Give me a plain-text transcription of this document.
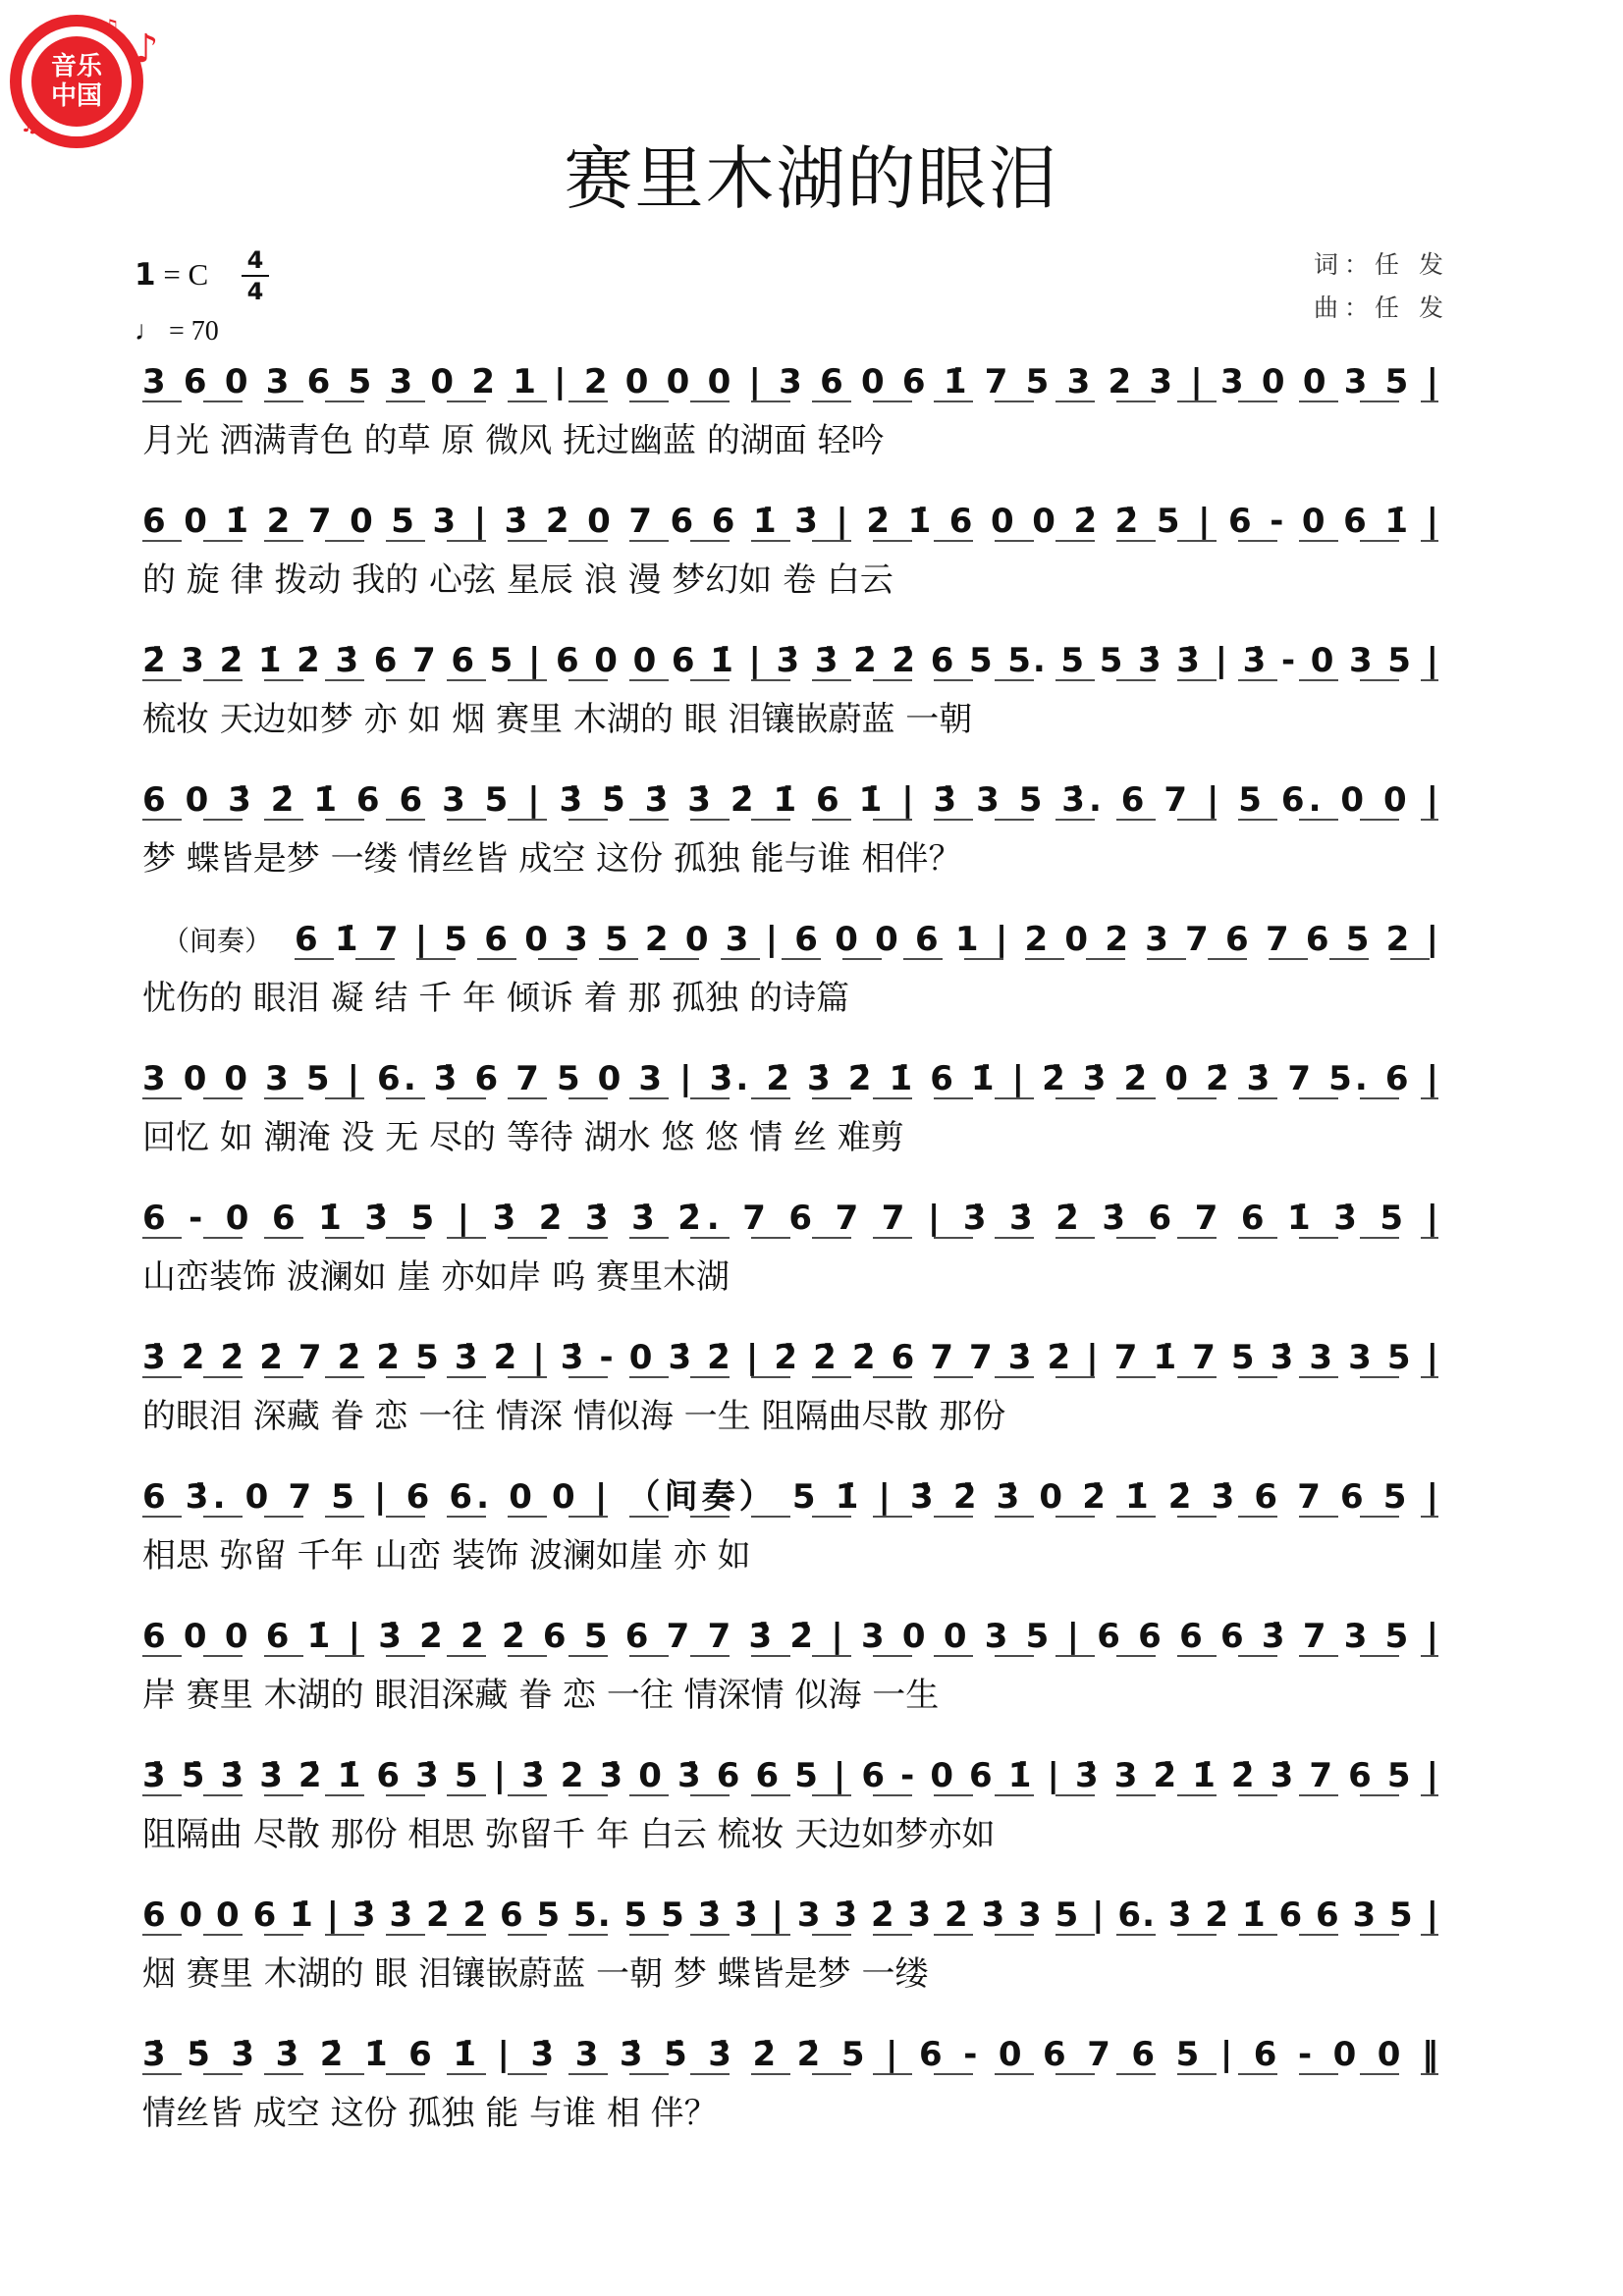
音乐
中国
♪
♫
♫
赛里木湖的眼泪
1 = C 4
4
♩ = 70
词：任 发
曲：任 发
3 6 0 3 6 5 3 0 2 1 | 2 0 0 0 | 3 6 0 6 1̇ 7 5 3 2 3 | 3 0 0 3 5 |
月光 洒满青色 的草 原 微风 抚过幽蓝 的湖面 轻吟
6 0 1̇ 2 7 0 5 3 | 3̇ 2̇ 0 7 6 6 1̇ 3̇ | 2̇ 1̇ 6 0 0 2̇ 2̇ 5 | 6 - 0 6 1̇ |
的 旋 律 拨动 我的 心弦 星辰 浪 漫 梦幻如 卷 白云
2̇ 3 2̇ 1̇ 2̇ 3̇ 6 7 6 5 | 6 0 0 6 1̇ | 3̇ 3̇ 2̇ 2̇ 6 5 5. 5 5 3̇ 3̇ | 3̇ - 0 3 5 |
梳妆 天边如梦 亦 如 烟 赛里 木湖的 眼 泪镶嵌蔚蓝 一朝
6 0 3̇ 2̇ 1̇ 6 6 3 5 | 3̇ 5̇ 3̇ 3̇ 2̇ 1̇ 6 1̇ | 3̇ 3 5 3̇. 6 7 | 5 6. 0 0 |
梦 蝶皆是梦 一缕 情丝皆 成空 这份 孤独 能与谁 相伴？
（间奏） 6 1̇ 7 | 5 6 0 3 5 2 0 3 | 6 0 0 6 1 | 2 0 2 3 7 6 7 6 5 2 |
忧伤的 眼泪 凝 结 千 年 倾诉 着 那 孤独 的诗篇
3 0 0 3 5 | 6. 3̇ 6 7 5 0 3 | 3̇. 2̇ 3̇ 2̇ 1̇ 6 1̇ | 2̇ 3̇ 2̇ 0 2̇ 3̇ 7 5. 6 |
回忆 如 潮淹 没 无 尽的 等待 湖水 悠 悠 情 丝 难剪
6 - 0 6 1̇ 3̇ 5 | 3̇ 2̇ 3̇ 3̇ 2̇. 7 6 7 7 | 3̇ 3̇ 2̇ 3̇ 6 7 6 1̇ 3̇ 5 |
山峦装饰 波澜如 崖 亦如岸 呜 赛里木湖
3̇ 2̇ 2̇ 2̇ 7 2̇ 2̇ 5 3̇ 2̇ | 3̇ - 0 3̇ 2̇ | 2̇ 2̇ 2̇ 6 7 7 3̇ 2̇ | 7 1̇ 7 5 3̇ 3 3 5 |
的眼泪 深藏 眷 恋 一往 情深 情似海 一生 阻隔曲尽散 那份
6 3̇. 0 7 5 | 6 6. 0 0 | （间奏） 5 1̇ | 3̇ 2̇ 3̇ 0 2̇ 1̇ 2̇ 3̇ 6 7 6 5 |
相思 弥留 千年 山峦 装饰 波澜如崖 亦 如
6 0 0 6 1̇ | 3̇ 2̇ 2̇ 2̇ 6 5 6 7 7 3̇ 2̇ | 3 0 0 3 5 | 6 6 6 6 3̇ 7 3 5 |
岸 赛里 木湖的 眼泪深藏 眷 恋 一往 情深情 似海 一生
3̇ 5̇ 3̇ 3̇ 2̇ 1̇ 6 3̇ 5 | 3̇ 2 3̇ 0 3̇ 6 6 5 | 6 - 0 6 1̇ | 3̇ 3 2̇ 1̇ 2̇ 3̇ 7 6 5 |
阻隔曲 尽散 那份 相思 弥留千 年 白云 梳妆 天边如梦亦如
6 0 0 6 1̇ | 3̇ 3̇ 2̇ 2̇ 6 5 5. 5 5 3̇ 3̇ | 3 3̇ 2̇ 3̇ 2̇ 3̇ 3 5 | 6. 3̇ 2̇ 1̇ 6 6 3 5 |
烟 赛里 木湖的 眼 泪镶嵌蔚蓝 一朝 梦 蝶皆是梦 一缕
3̇ 5̇ 3̇ 3̇ 2̇ 1̇ 6 1̇ | 3̇ 3 3̇ 5̇ 3̇ 2̇ 2̇ 5 | 6 - 0 6 7 6 5 | 6 - 0 0 ‖
情丝皆 成空 这份 孤独 能 与谁 相 伴？
